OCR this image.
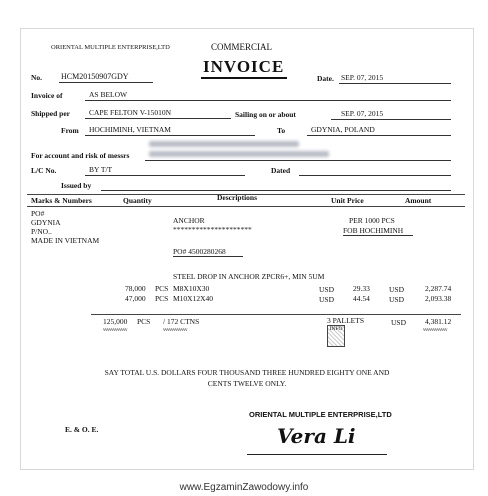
ORIENTAL MULTIPLE ENTERPRISE,LTD	COMMERCIAL
INVOICE
No. HCM20150907GDY	Date. SEP. 07, 2015
Invoice of	AS BELOW
Shipped per	CAPE FELTON V-15010N	Sailing on or about	SEP. 07, 2015
From HOCHIMINH, VIETNAM	To	GDYNIA, POLAND
For account and risk of messrs
L/C No.	BY T/T	Dated
Issued by
Marks & Numbers	Quantity	Descriptions	Unit Price	Amount
PO#
GDYNIA
P/NO..
MADE IN VIETNAM
ANCHOR
*********************
PER 1000 PCS
FOB HOCHIMINH
PO# 4500280268
STEEL DROP IN ANCHOR ZPCR6+, MIN 5UM
78,000 PCS M8X10X30	USD	29.33	USD	2,287.74
47,000 PCS M10X12X40	USD	44.54	USD	2,093.38
125,000 PCS / 172 CTNS	3 PALLETS	USD	4,381.12
vvvvvvvvvvvv	vvvvvvvvvvvv	vvvvvvvvvvvv
INFO
SAY TOTAL U.S. DOLLARS FOUR THOUSAND THREE HUNDRED EIGHTY ONE AND
CENTS TWELVE ONLY.
ORIENTAL MULTIPLE ENTERPRISE,LTD
E. & O. E.	Vera Li
www.EgzaminZawodowy.info
